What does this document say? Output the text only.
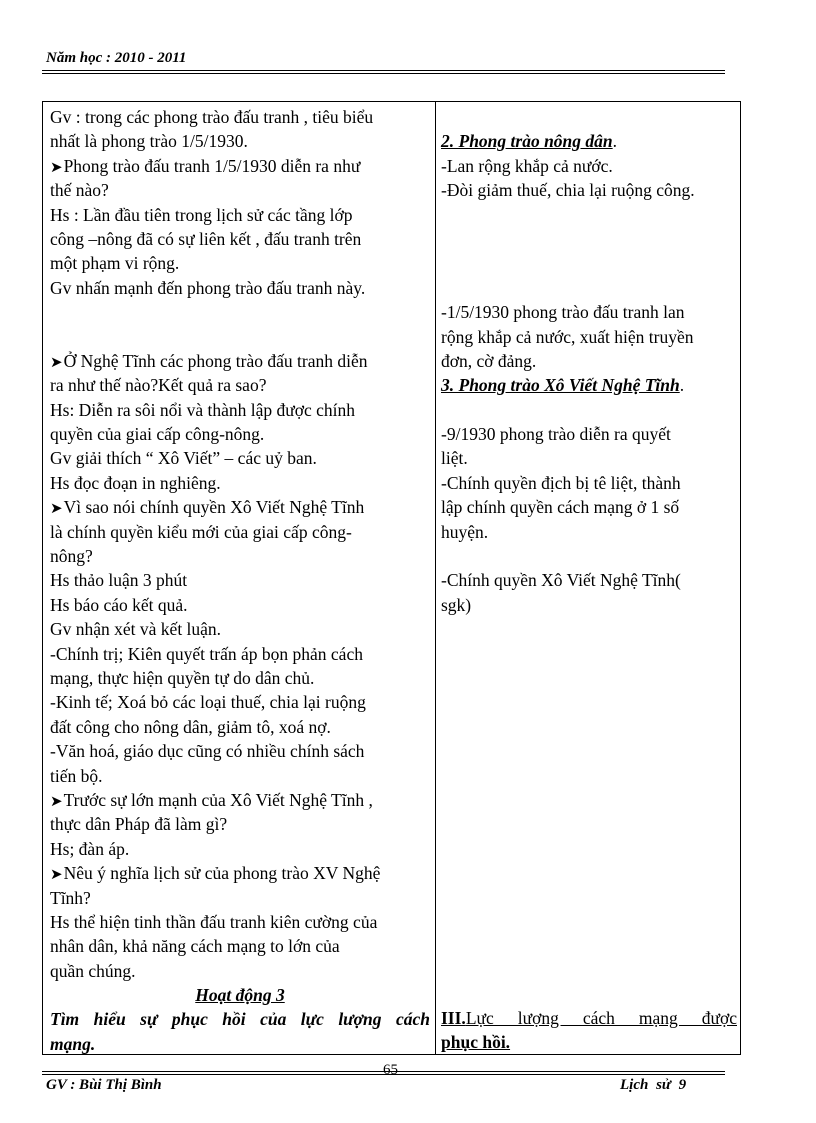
Năm học : 2010 - 2011
Gv : trong các phong trào đấu tranh , tiêu biểu
nhất là phong trào 1/5/1930.
➤Phong trào đấu tranh 1/5/1930 diễn ra như
thế nào?
Hs : Lần đầu tiên trong lịch sử các tầng lớp
công –nông đã có sự liên kết , đấu tranh trên
một phạm vi rộng.
Gv nhấn mạnh đến phong trào đấu tranh này.
➤Ở Nghệ Tĩnh các phong trào đấu tranh diễn
ra như thế nào?Kết quả ra sao?
Hs: Diễn ra sôi nổi và thành lập được chính
quyền của giai cấp công-nông.
Gv giải thích “ Xô Viết” – các uỷ ban.
Hs đọc đoạn in nghiêng.
➤Vì sao nói chính quyền Xô Viết Nghệ Tĩnh
là chính quyền kiểu mới của giai cấp công-
nông?
Hs thảo luận 3 phút
Hs báo cáo kết quả.
Gv nhận xét và kết luận.
-Chính trị; Kiên quyết trấn áp bọn phản cách
mạng, thực hiện quyền tự do dân chủ.
-Kinh tế; Xoá bỏ các loại thuế, chia lại ruộng
đất công cho nông dân, giảm tô, xoá nợ.
-Văn hoá, giáo dục cũng có nhiều chính sách
tiến bộ.
➤Trước sự lớn mạnh của Xô Viết Nghệ Tĩnh ,
thực dân Pháp đã làm gì?
Hs; đàn áp.
➤Nêu ý nghĩa lịch sử của phong trào XV Nghệ
Tĩnh?
Hs thể hiện tinh thần đấu tranh kiên cường của
nhân dân, khả năng cách mạng to lớn của
quần chúng.
Hoạt động 3
Tìm hiểu sự phục hồi của lực lượng cách
mạng.
2. Phong trào nông dân.
-Lan rộng khắp cả nước.
-Đòi giảm thuế, chia lại ruộng công.
-1/5/1930 phong trào đấu tranh lan
rộng khắp cả nước, xuất hiện truyền
đơn, cờ đảng.
3. Phong trào Xô Viết Nghệ Tĩnh.
-9/1930 phong trào diễn ra quyết
liệt.
-Chính quyền địch bị tê liệt, thành
lập chính quyền cách mạng ở 1 số
huyện.
-Chính quyền Xô Viết Nghệ Tĩnh(
sgk)
III.Lực lượng cách mạng được
phục hồi.
65
GV : Bùi Thị Bình	Lịch sử 9
